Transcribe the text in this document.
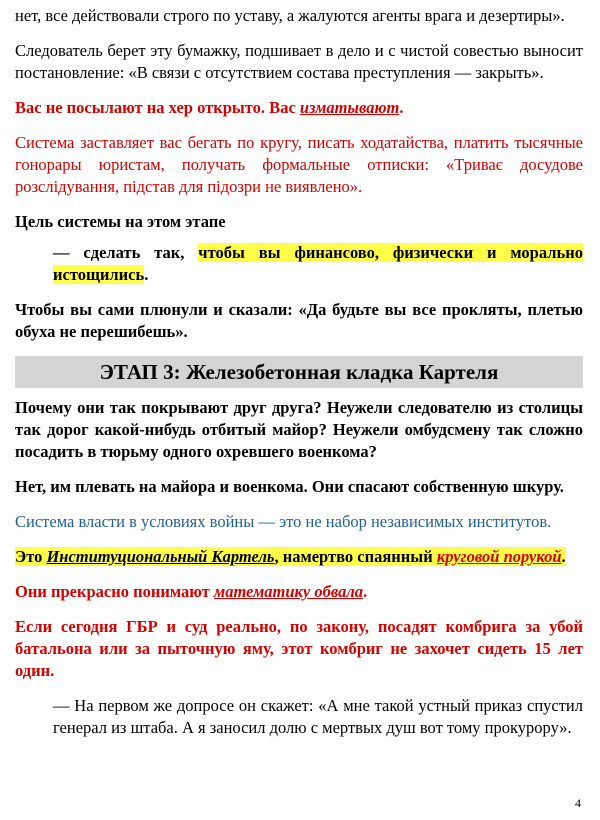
нет, все действовали строго по уставу, а жалуются агенты врага и дезертиры».

Следователь берет эту бумажку, подшивает в дело и с чистой совестью выносит постановление: «В связи с отсутствием состава преступления — закрыть».

Вас не посылают на хер открыто. Вас изматывают.

Система заставляет вас бегать по кругу, писать ходатайства, платить тысячные гонорары юристам, получать формальные отписки: «Триває досудове розслідування, підстав для підозри не виявлено».

Цель системы на этом этапе

— сделать так, чтобы вы финансово, физически и морально истощились.

Чтобы вы сами плюнули и сказали: «Да будьте вы все прокляты, плетью обуха не перешибешь».

ЭТАП 3: Железобетонная кладка Картеля

Почему они так покрывают друг друга? Неужели следователю из столицы так дорог какой-нибудь отбитый майор? Неужели омбудсмену так сложно посадить в тюрьму одного охревшего военкома?

Нет, им плевать на майора и военкома. Они спасают собственную шкуру.

Система власти в условиях войны — это не набор независимых институтов.

Это Институциональный Картель, намертво спаянный круговой порукой.

Они прекрасно понимают математику обвала.

Если сегодня ГБР и суд реально, по закону, посадят комбрига за убой батальона или за пыточную яму, этот комбриг не захочет сидеть 15 лет один.

— На первом же допросе он скажет: «А мне такой устный приказ спустил генерал из штаба. А я заносил долю с мертвых душ вот тому прокурору».

4
